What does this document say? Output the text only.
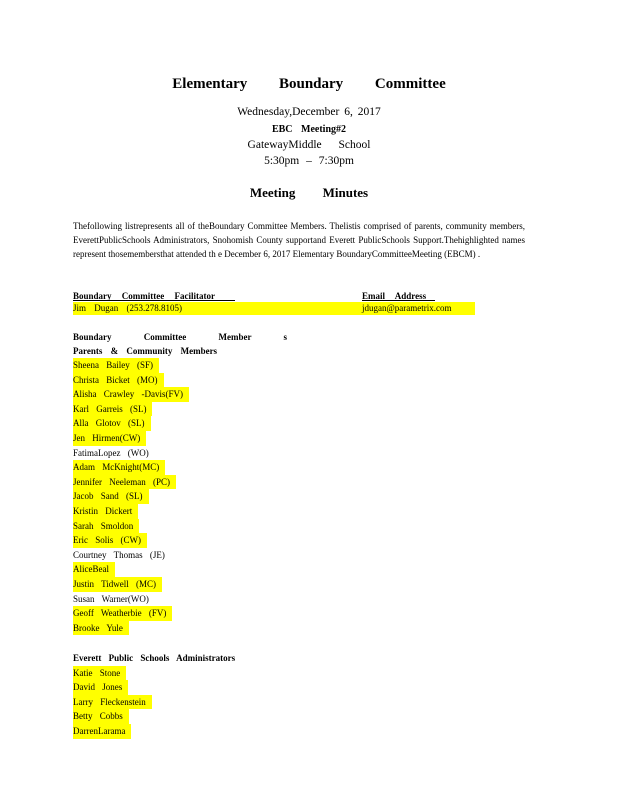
Elementary Boundary Committee
Wednesday,December 6, 2017
EBC Meeting#2
GatewayMiddle School
5:30pm – 7:30pm
Meeting Minutes
Thefollowing listrepresents all of theBoundary Committee Members. Thelistis comprised of parents, community members, EverettPublicSchools Administrators, Snohomish County supportand Everett PublicSchools Support.Thehighlighted names represent thosemembersthat attended th e December 6, 2017 Elementary BoundaryCommitteeMeeting (EBCM) .
Boundary Committee Facilitator	Email Address
Jim Dugan (253.278.8105)	jdugan@parametrix.com
Boundary Committee Member s
Parents & Community Members
Sheena Bailey (SF)
Christa Bicket (MO)
Alisha Crawley -Davis(FV)
Karl Garreis (SL)
Alla Glotov (SL)
Jen Hirmen(CW)
FatimaLopez (WO)
Adam McKnight(MC)
Jennifer Neeleman (PC)
Jacob Sand (SL)
Kristin Dickert
Sarah Smoldon
Eric Solis (CW)
Courtney Thomas (JE)
AliceBeal
Justin Tidwell (MC)
Susan Warner(WO)
Geoff Weatherbie (FV)
Brooke Yule
Everett Public Schools Administrators
Katie Stone
David Jones
Larry Fleckenstein
Betty Cobbs
DarrenLarama
